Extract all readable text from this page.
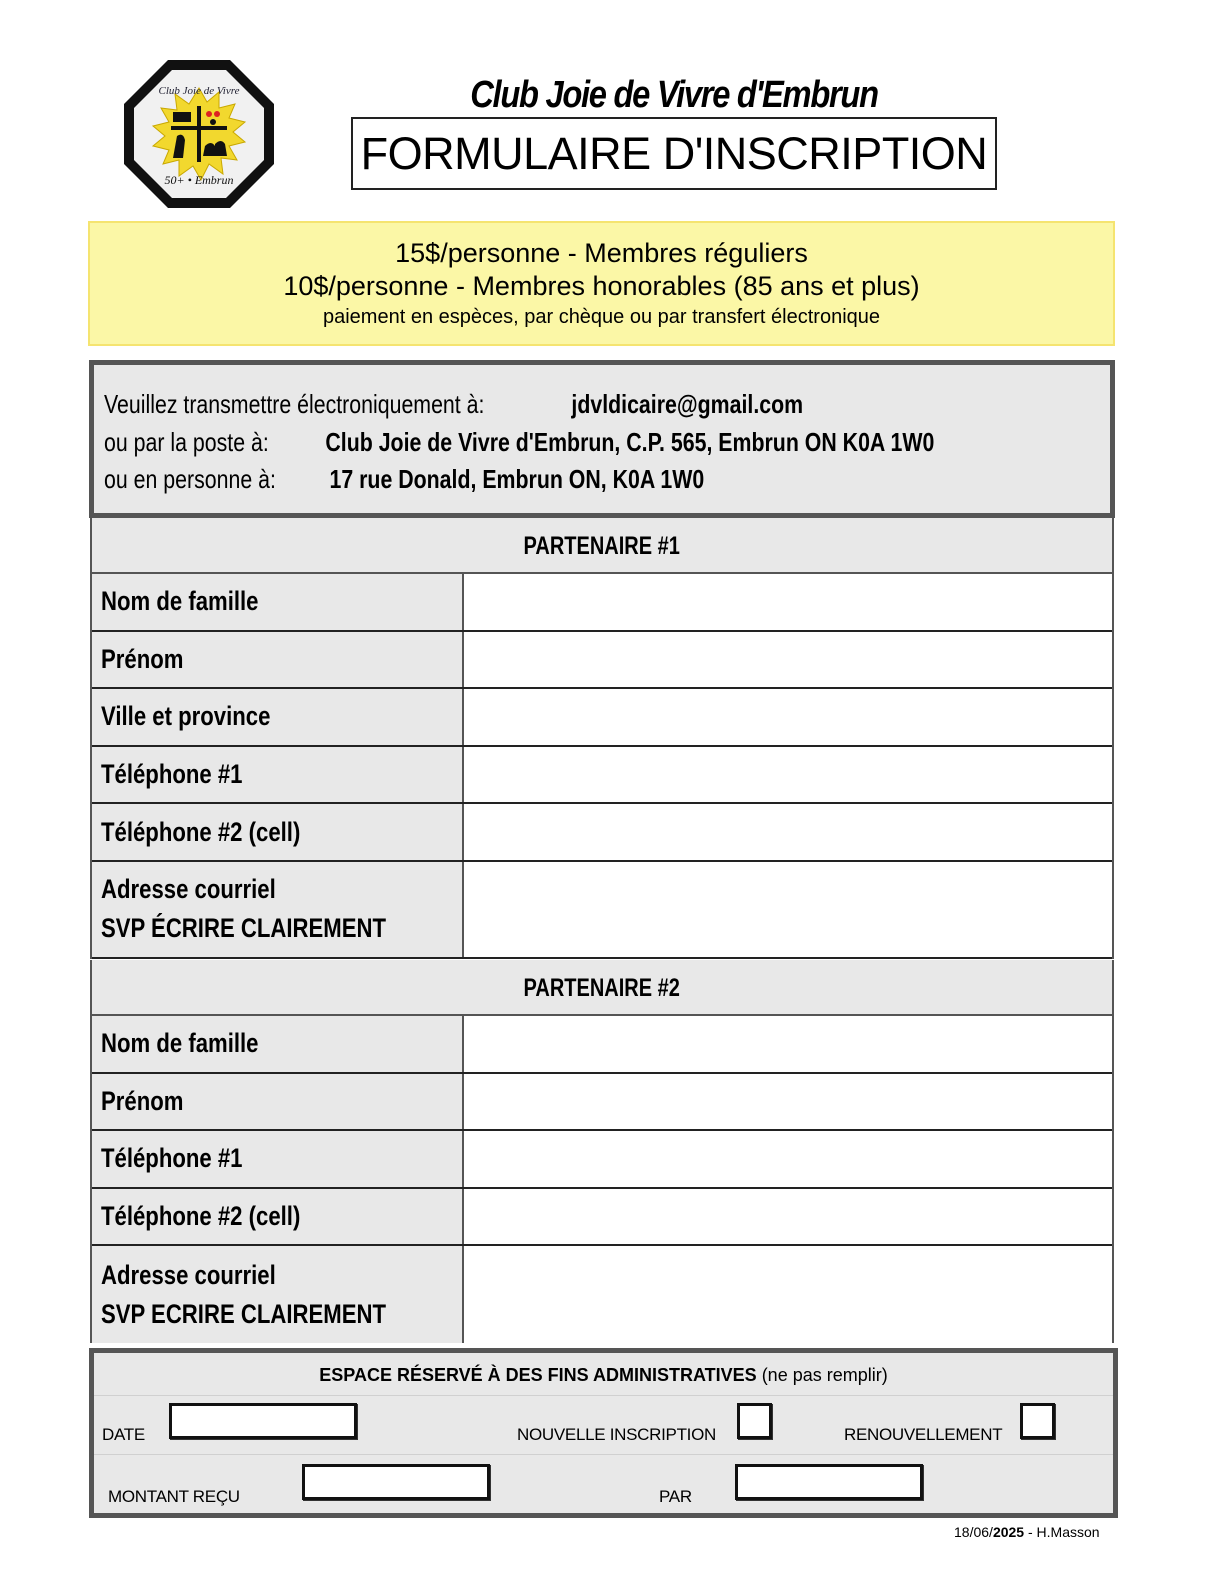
Club Joie de Vivre
50+ • Embrun
Club Joie de Vivre d'Embrun
FORMULAIRE D'INSCRIPTION
15$/personne - Membres réguliers
10$/personne - Membres honorables (85 ans et plus)
paiement en espèces, par chèque ou par transfert électronique
Veuillez transmettre électroniquement à:	jdvldicaire@gmail.com
ou par la poste à: Club Joie de Vivre d'Embrun, C.P. 565, Embrun ON K0A 1W0
ou en personne à: 17 rue Donald, Embrun ON, K0A 1W0
PARTENAIRE #1
Nom de famille
Prénom
Ville et province
Téléphone #1
Téléphone #2 (cell)
Adresse courriel
SVP ÉCRIRE CLAIREMENT
PARTENAIRE #2
Nom de famille
Prénom
Téléphone #1
Téléphone #2 (cell)
Adresse courriel
SVP ECRIRE CLAIREMENT
ESPACE RÉSERVÉ À DES FINS ADMINISTRATIVES (ne pas remplir)
DATE	NOUVELLE INSCRIPTION	RENOUVELLEMENT
MONTANT REÇU	PAR
18/06/2025 - H.Masson
